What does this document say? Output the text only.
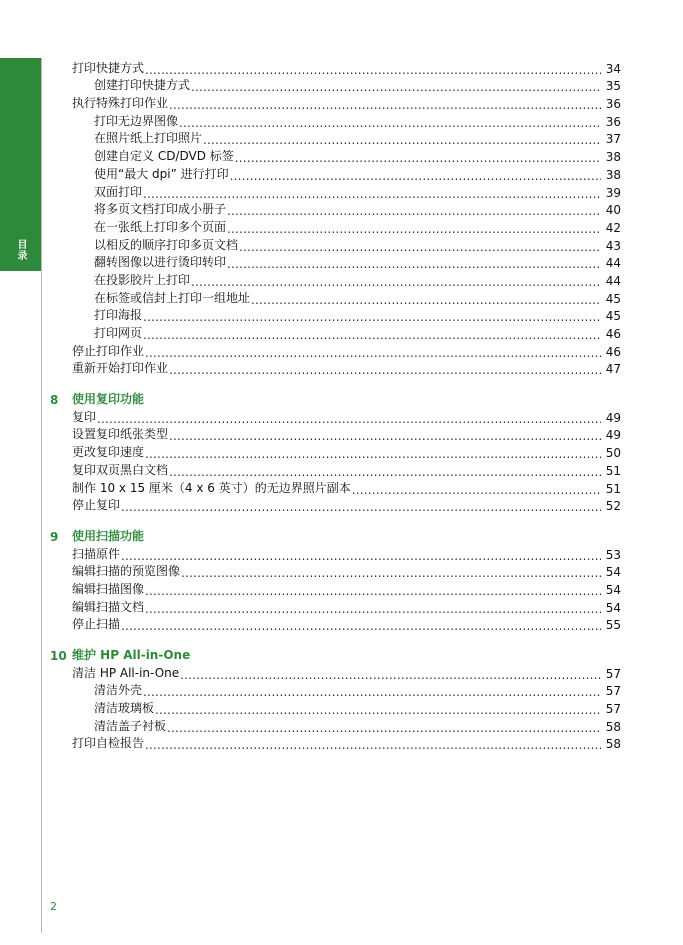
目录
打印快捷方式 .....	34
创建打印快捷方式 .....	35
执行特殊打印作业 .....	36
打印无边界图像 .....	36
在照片纸上打印照片 .....	37
创建自定义 CD/DVD 标签 .....	38
使用“最大 dpi” 进行打印 .....	38
双面打印 .....	39
将多页文档打印成小册子 .....	40
在一张纸上打印多个页面 .....	42
以相反的顺序打印多页文档 .....	43
翻转图像以进行烫印转印 .....	44
在投影胶片上打印 .....	44
在标签或信封上打印一组地址 .....	45
打印海报 .....	45
打印网页 .....	46
停止打印作业 .....	46
重新开始打印作业 .....	47
8 使用复印功能
复印 .....	49
设置复印纸张类型 .....	49
更改复印速度 .....	50
复印双页黑白文档 .....	51
制作 10 x 15 厘米（4 x 6 英寸）的无边界照片副本 .....	51
停止复印 .....	52
9 使用扫描功能
扫描原件 .....	53
编辑扫描的预览图像 .....	54
编辑扫描图像 .....	54
编辑扫描文档 .....	54
停止扫描 .....	55
10 维护 HP All-in-One
清洁 HP All-in-One .....	57
清洁外壳 .....	57
清洁玻璃板 .....	57
清洁盖子衬板 .....	58
打印自检报告 .....	58
2
